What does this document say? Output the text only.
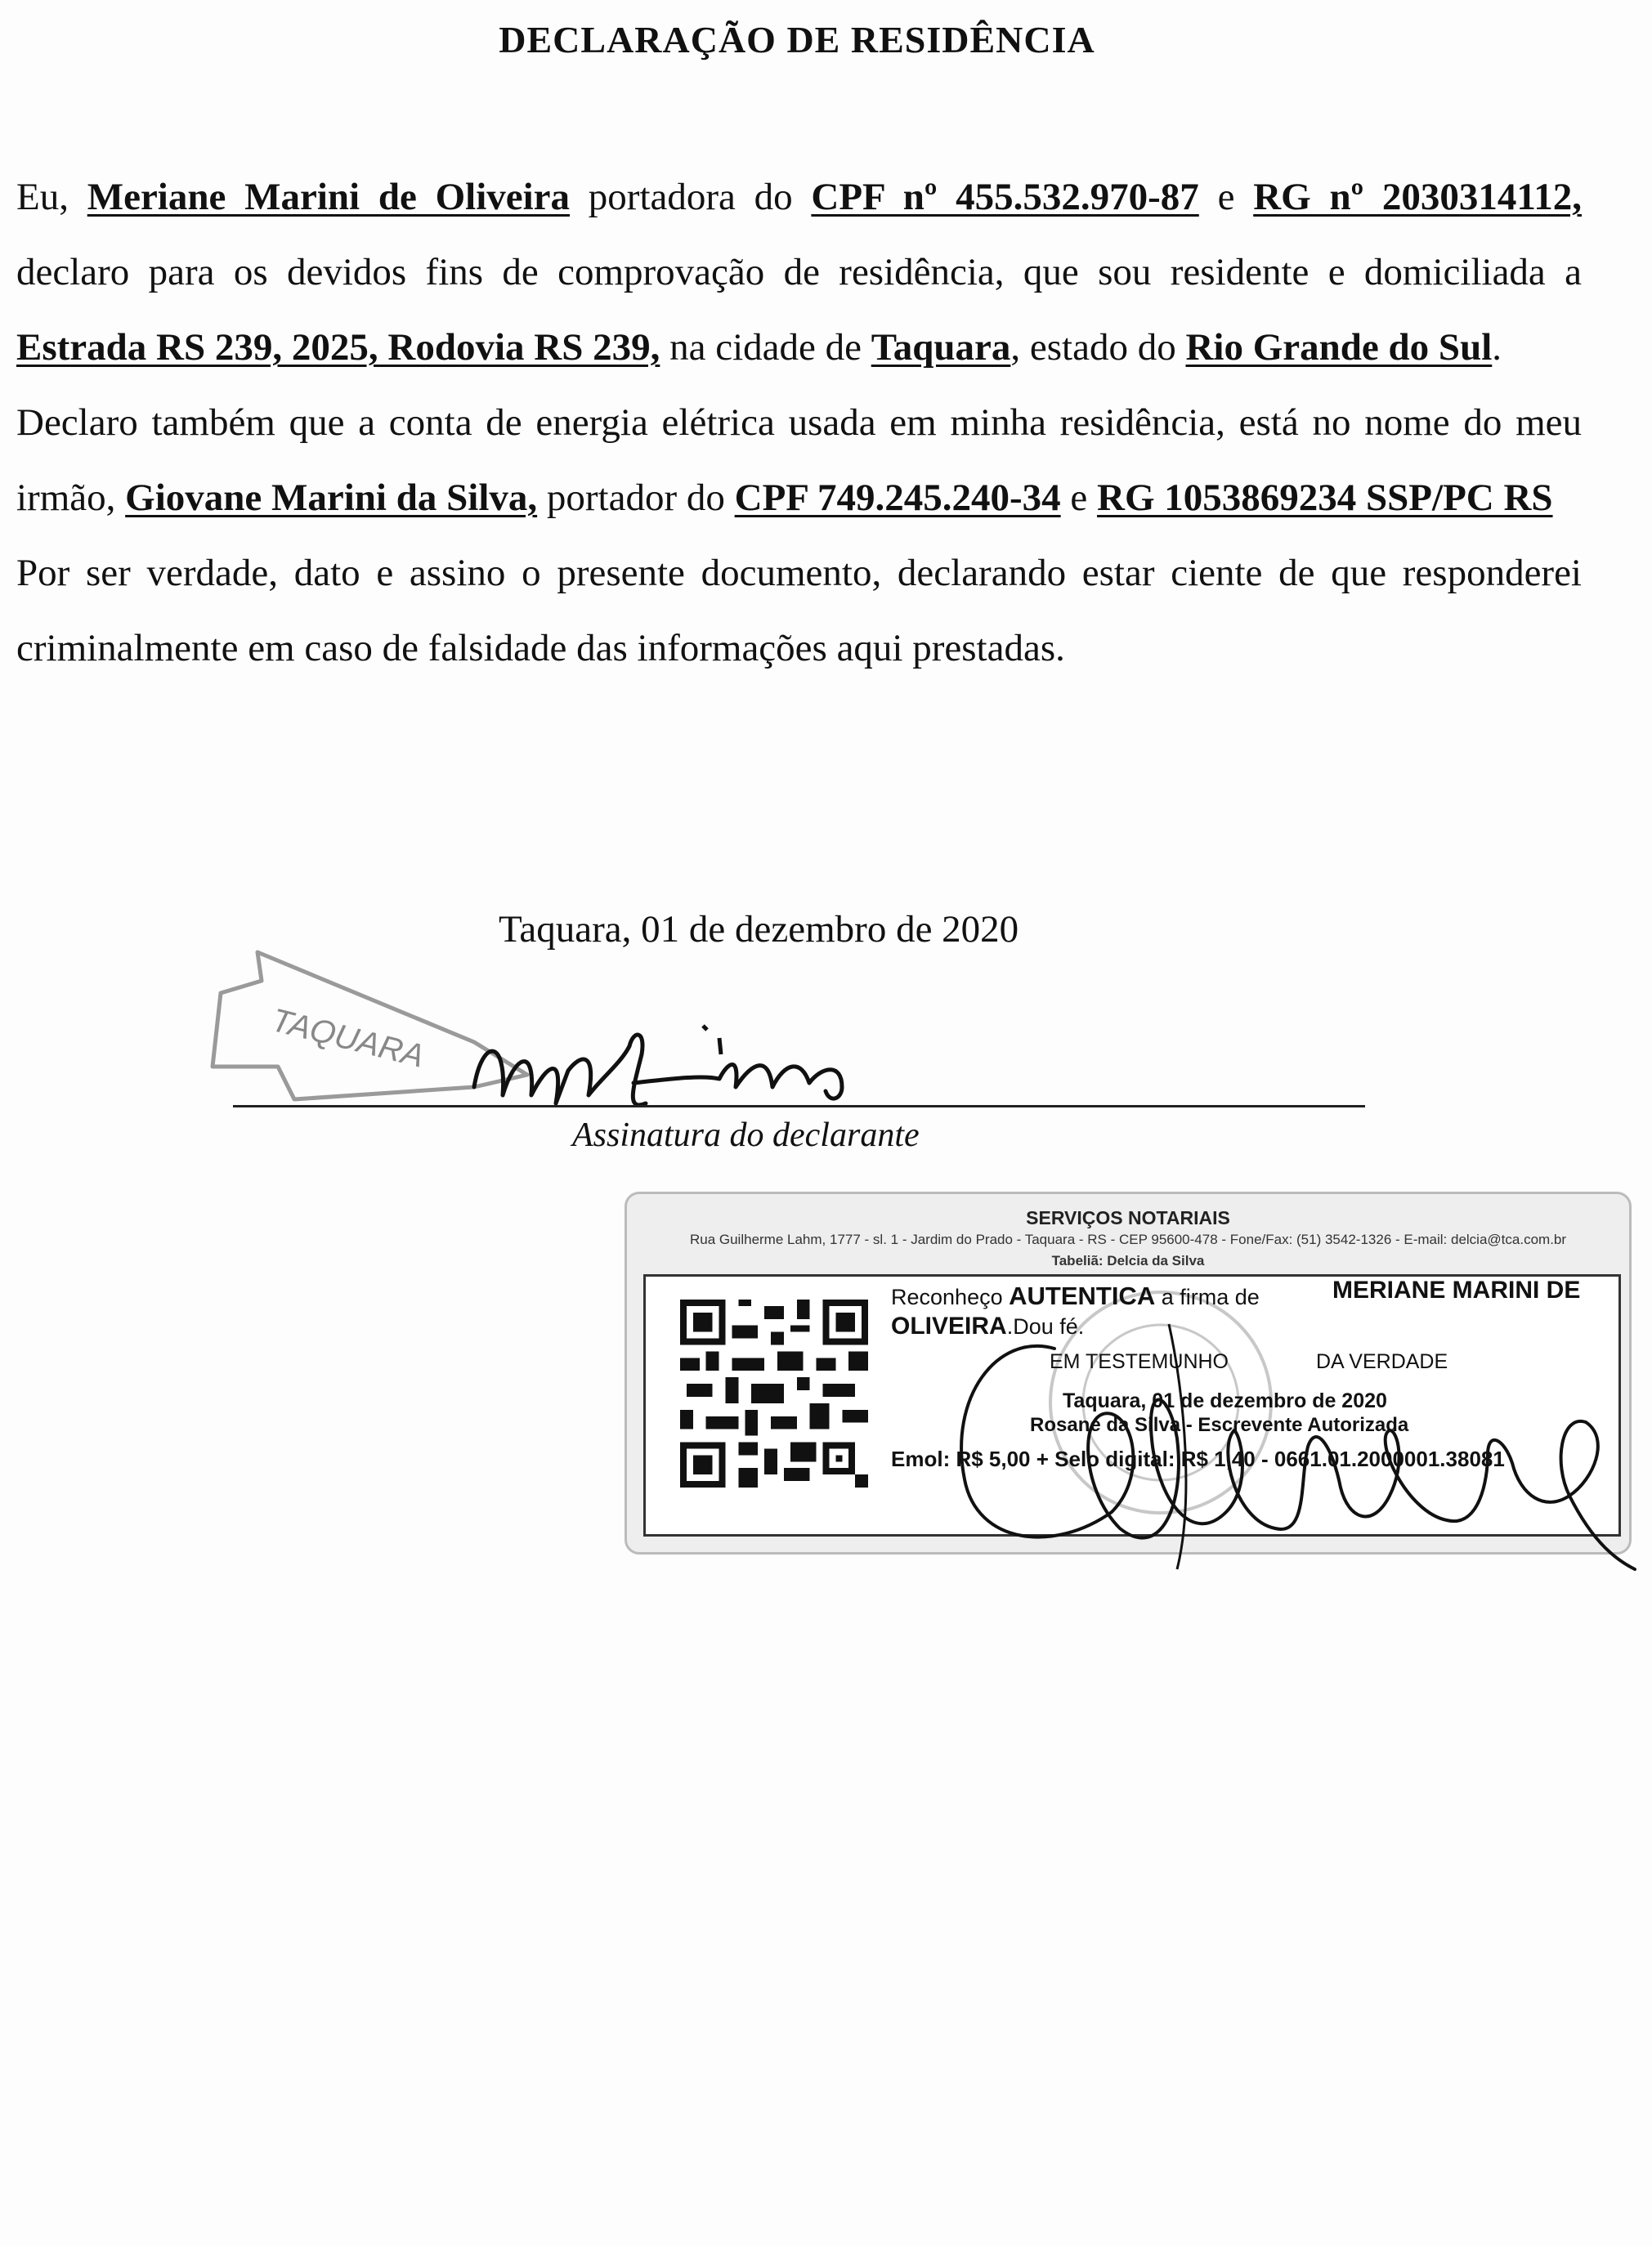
DECLARAÇÃO DE RESIDÊNCIA

Eu, Meriane Marini de Oliveira portadora do CPF nº 455.532.970-87 e RG nº 2030314112, declaro para os devidos fins de comprovação de residência, que sou residente e domiciliada a Estrada RS 239, 2025, Rodovia RS 239, na cidade de Taquara, estado do Rio Grande do Sul.

Declaro também que a conta de energia elétrica usada em minha residência, está no nome do meu irmão, Giovane Marini da Silva, portador do CPF 749.245.240-34 e RG 1053869234 SSP/PC RS

Por ser verdade, dato e assino o presente documento, declarando estar ciente de que responderei criminalmente em caso de falsidade das informações aqui prestadas.

Taquara, 01 de dezembro de 2020
TAQUARA
Assinatura do declarante
SERVIÇOS NOTARIAIS
Rua Guilherme Lahm, 1777 - sl. 1 - Jardim do Prado - Taquara - RS - CEP 95600-478 - Fone/Fax: (51) 3542-1326 - E-mail: delcia@tca.com.br
Tabeliã: Delcia da Silva
Reconheço AUTENTICA a firma de	MERIANE MARINI DE
OLIVEIRA.Dou fé.
EM TESTEMUNHO	DA VERDADE
Taquara, 01 de dezembro de 2020
Rosane da Silva - Escrevente Autorizada
Emol: R$ 5,00 + Selo digital: R$ 1,40 - 0661.01.2000001.38081
